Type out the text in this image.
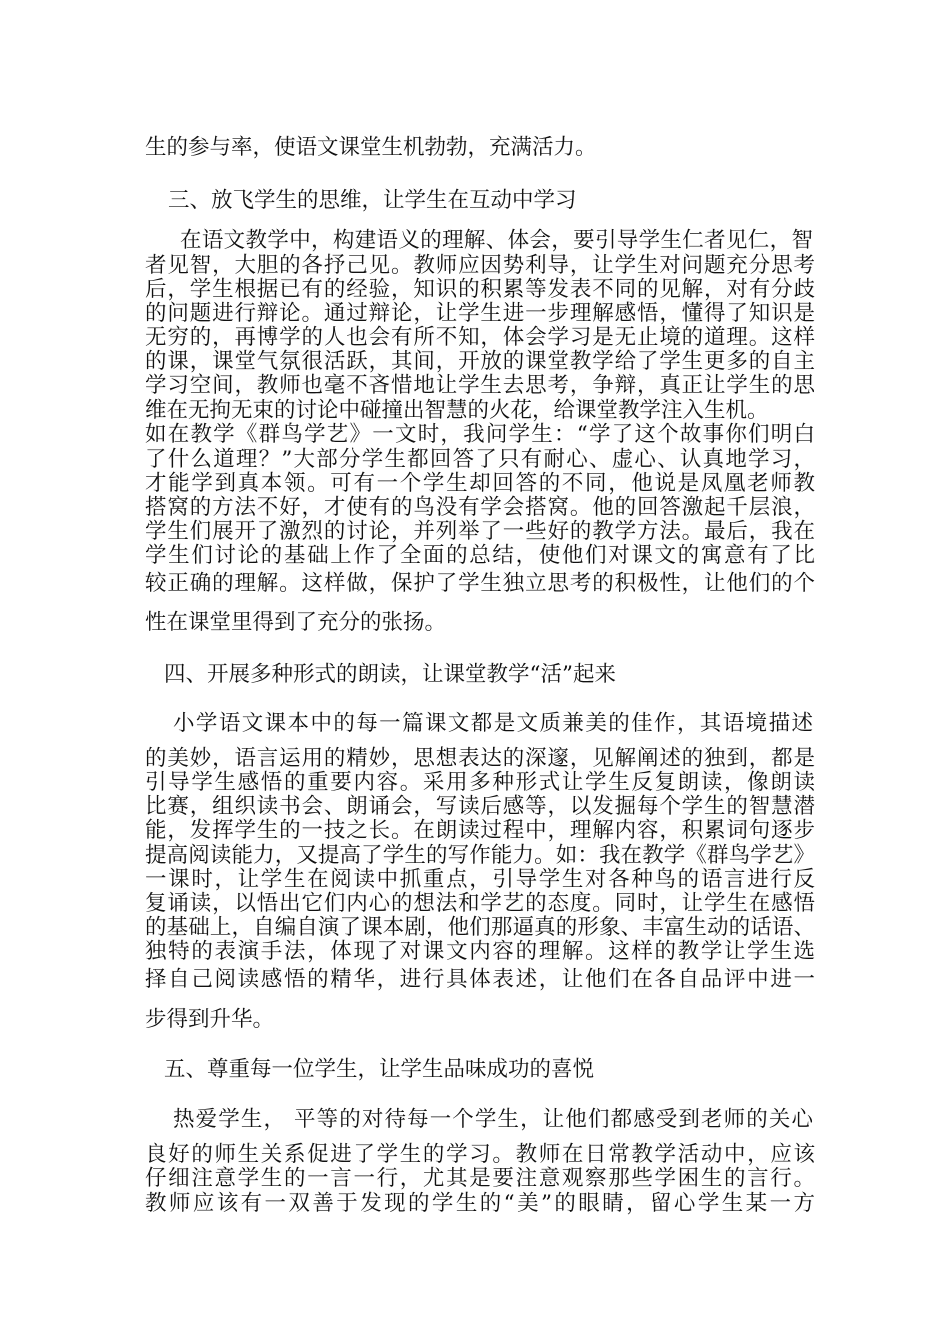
生的参与率，使语文课堂生机勃勃，充满活力。
三、放飞学生的思维，让学生在互动中学习
在语文教学中，构建语义的理解、体会，要引导学生仁者见仁，智
者见智，大胆的各抒己见。教师应因势利导，让学生对问题充分思考
后，学生根据已有的经验，知识的积累等发表不同的见解，对有分歧
的问题进行辩论。通过辩论，让学生进一步理解感悟，懂得了知识是
无穷的，再博学的人也会有所不知，体会学习是无止境的道理。这样
的课，课堂气氛很活跃，其间，开放的课堂教学给了学生更多的自主
学习空间，教师也毫不吝惜地让学生去思考，争辩，真正让学生的思
维在无拘无束的讨论中碰撞出智慧的火花，给课堂教学注入生机。
如在教学《群鸟学艺》一文时，我问学生：“学了这个故事你们明白
了什么道理？”大部分学生都回答了只有耐心、虚心、认真地学习，
才能学到真本领。可有一个学生却回答的不同，他说是凤凰老师教
搭窝的方法不好，才使有的鸟没有学会搭窝。他的回答激起千层浪，
学生们展开了激烈的讨论，并列举了一些好的教学方法。最后，我在
学生们讨论的基础上作了全面的总结，使他们对课文的寓意有了比
较正确的理解。这样做，保护了学生独立思考的积极性，让他们的个
性在课堂里得到了充分的张扬。
四、开展多种形式的朗读，让课堂教学“活”起来
小学语文课本中的每一篇课文都是文质兼美的佳作，其语境描述
的美妙，语言运用的精妙，思想表达的深邃，见解阐述的独到，都是
引导学生感悟的重要内容。采用多种形式让学生反复朗读，像朗读
比赛，组织读书会、朗诵会，写读后感等，以发掘每个学生的智慧潜
能，发挥学生的一技之长。在朗读过程中，理解内容，积累词句逐步
提高阅读能力，又提高了学生的写作能力。如：我在教学《群鸟学艺》
一课时，让学生在阅读中抓重点，引导学生对各种鸟的语言进行反
复诵读，以悟出它们内心的想法和学艺的态度。同时，让学生在感悟
的基础上，自编自演了课本剧，他们那逼真的形象、丰富生动的话语、
独特的表演手法，体现了对课文内容的理解。这样的教学让学生选
择自己阅读感悟的精华，进行具体表述，让他们在各自品评中进一
步得到升华。
五、尊重每一位学生，让学生品味成功的喜悦
热爱学生， 平等的对待每一个学生，让他们都感受到老师的关心
良好的师生关系促进了学生的学习。教师在日常教学活动中，应该
仔细注意学生的一言一行，尤其是要注意观察那些学困生的言行。
教师应该有一双善于发现的学生的“美”的眼睛，留心学生某一方
